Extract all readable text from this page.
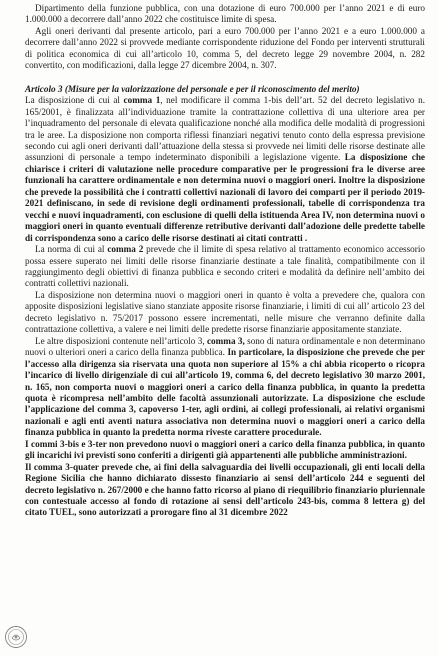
Dipartimento della funzione pubblica, con una dotazione di euro 700.000 per l’anno 2021 e di euro 1.000.000 a decorrere dall’anno 2022 che costituisce limite di spesa.

Agli oneri derivanti dal presente articolo, pari a euro 700.000 per l’anno 2021 e a euro 1.000.000 a decorrere dall’anno 2022 si provvede mediante corrispondente riduzione del Fondo per interventi strutturali di politica economica di cui all’articolo 10, comma 5, del decreto legge 29 novembre 2004, n. 282 convertito, con modificazioni, dalla legge 27 dicembre 2004, n. 307.

Articolo 3 (Misure per la valorizzazione del personale e per il riconoscimento del merito)

La disposizione di cui al comma 1, nel modificare il comma 1-bis dell’art. 52 del decreto legislativo n. 165/2001, è finalizzata all’individuazione tramite la contrattazione collettiva di una ulteriore area per l’inquadramento del personale di elevata qualificazione nonché alla modifica delle modalità di progressioni tra le aree. La disposizione non comporta riflessi finanziari negativi tenuto conto della espressa previsione secondo cui agli oneri derivanti dall’attuazione della stessa si provvede nei limiti delle risorse destinate alle assunzioni di personale a tempo indeterminato disponibili a legislazione vigente. La disposizione che chiarisce i criteri di valutazione nelle procedure comparative per le progressioni fra le diverse aree funzionali ha carattere ordinamentale e non determina nuovi o maggiori oneri. Inoltre la disposizione che prevede la possibilità che i contratti collettivi nazionali di lavoro dei comparti per il periodo 2019-2021 definiscano, in sede di revisione degli ordinamenti professionali, tabelle di corrispondenza tra vecchi e nuovi inquadramenti, con esclusione di quelli della istituenda Area IV, non determina nuovi o maggiori oneri in quanto eventuali differenze retributive derivanti dall’adozione delle predette tabelle di corrispondenza sono a carico delle risorse destinati ai citati contratti .

La norma di cui al comma 2 prevede che il limite di spesa relativo al trattamento economico accessorio possa essere superato nei limiti delle risorse finanziarie destinate a tale finalità, compatibilmente con il raggiungimento degli obiettivi di finanza pubblica e secondo criteri e modalità da definire nell’ambito dei contratti collettivi nazionali.

La disposizione non determina nuovi o maggiori oneri in quanto è volta a prevedere che, qualora con apposite disposizioni legislative siano stanziate apposite risorse finanziarie, i limiti di cui all’ articolo 23 del decreto legislativo n. 75/2017 possono essere incrementati, nelle misure che verranno definite dalla contrattazione collettiva, a valere e nei limiti delle predette risorse finanziarie appositamente stanziate.

Le altre disposizioni contenute nell’articolo 3, comma 3, sono di natura ordinamentale e non determinano nuovi o ulteriori oneri a carico della finanza pubblica. In particolare, la disposizione che prevede che per l’accesso alla dirigenza sia riservata una quota non superiore al 15% a chi abbia ricoperto o ricopra l’incarico di livello dirigenziale di cui all’articolo 19, comma 6, del decreto legislativo 30 marzo 2001, n. 165, non comporta nuovi o maggiori oneri a carico della finanza pubblica, in quanto la predetta quota è ricompresa nell’ambito delle facoltà assunzionali autorizzate. La disposizione che esclude l’applicazione del comma 3, capoverso 1-ter, agli ordini, ai collegi professionali, ai relativi organismi nazionali e agli enti aventi natura associativa non determina nuovi o maggiori oneri a carico della finanza pubblica in quanto la predetta norma riveste carattere procedurale.

I commi 3-bis e 3-ter non prevedono nuovi o maggiori oneri a carico della finanza pubblica, in quanto gli incarichi ivi previsti sono conferiti a dirigenti già appartenenti alle pubbliche amministrazioni.

Il comma 3-quater prevede che, ai fini della salvaguardia dei livelli occupazionali, gli enti locali della Regione Sicilia che hanno dichiarato dissesto finanziario ai sensi dell’articolo 244 e seguenti del decreto legislativo n. 267/2000 e che hanno fatto ricorso al piano di riequilibrio finanziario pluriennale con contestuale accesso al fondo di rotazione ai sensi dell’articolo 243-bis, comma 8 lettera g) del citato TUEL, sono autorizzati a prorogare fino al 31 dicembre 2022
